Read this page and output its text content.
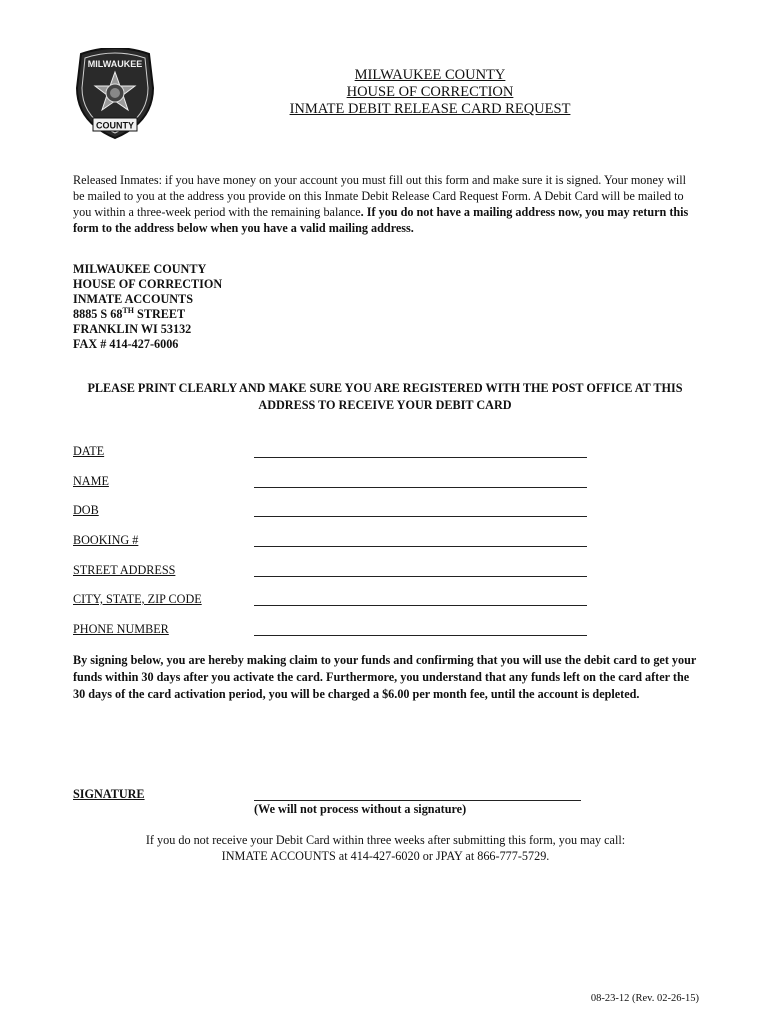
MILWAUKEE
COUNTY
MILWAUKEE COUNTY
HOUSE OF CORRECTION
INMATE DEBIT RELEASE CARD REQUEST
Released Inmates: if you have money on your account you must fill out this form and make sure it is signed. Your money will be mailed to you at the address you provide on this Inmate Debit Release Card Request Form. A Debit Card will be mailed to you within a three-week period with the remaining balance. If you do not have a mailing address now, you may return this form to the address below when you have a valid mailing address.
MILWAUKEE COUNTY
HOUSE OF CORRECTION
INMATE ACCOUNTS
8885 S 68TH STREET
FRANKLIN WI 53132
FAX # 414-427-6006
PLEASE PRINT CLEARLY AND MAKE SURE YOU ARE REGISTERED WITH THE POST OFFICE AT THIS
ADDRESS TO RECEIVE YOUR DEBIT CARD
DATE
NAME
DOB
BOOKING #
STREET ADDRESS
CITY, STATE, ZIP CODE
PHONE NUMBER
By signing below, you are hereby making claim to your funds and confirming that you will use the debit card to get your funds within 30 days after you activate the card. Furthermore, you understand that any funds left on the card after the 30 days of the card activation period, you will be charged a $6.00 per month fee, until the account is depleted.
SIGNATURE
(We will not process without a signature)
If you do not receive your Debit Card within three weeks after submitting this form, you may call:
INMATE ACCOUNTS at 414-427-6020 or JPAY at 866-777-5729.
08-23-12 (Rev. 02-26-15)
